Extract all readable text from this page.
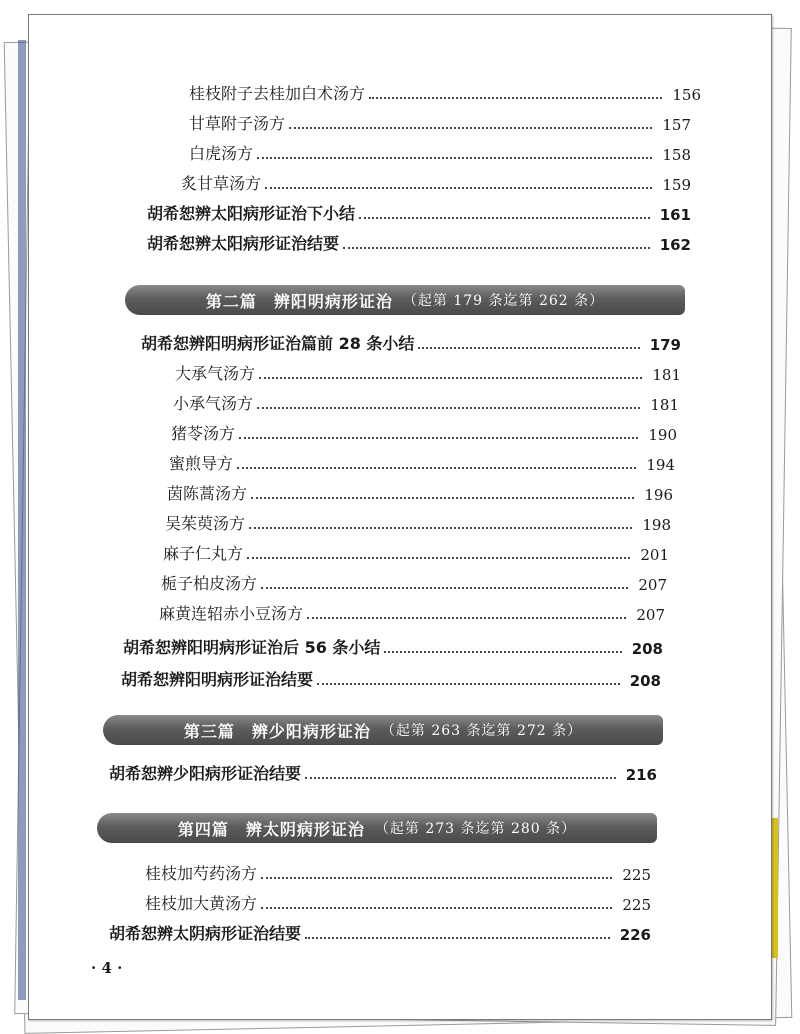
桂枝附子去桂加白术汤方	156
甘草附子汤方	157
白虎汤方	158
炙甘草汤方	159
胡希恕辨太阳病形证治下小结	161
胡希恕辨太阳病形证治结要	162
第二篇　辨阳明病形证治 （起第 179 条迄第 262 条）
胡希恕辨阳明病形证治篇前 28 条小结	179
大承气汤方	181
小承气汤方	181
猪苓汤方	190
蜜煎导方	194
茵陈蒿汤方	196
吴茱萸汤方	198
麻子仁丸方	201
栀子柏皮汤方	207
麻黄连轺赤小豆汤方	207
胡希恕辨阳明病形证治后 56 条小结	208
胡希恕辨阳明病形证治结要	208
第三篇　辨少阳病形证治 （起第 263 条迄第 272 条）
胡希恕辨少阳病形证治结要	216
第四篇　辨太阴病形证治 （起第 273 条迄第 280 条）
桂枝加芍药汤方	225
桂枝加大黄汤方	225
胡希恕辨太阴病形证治结要	226
· 4 ·
